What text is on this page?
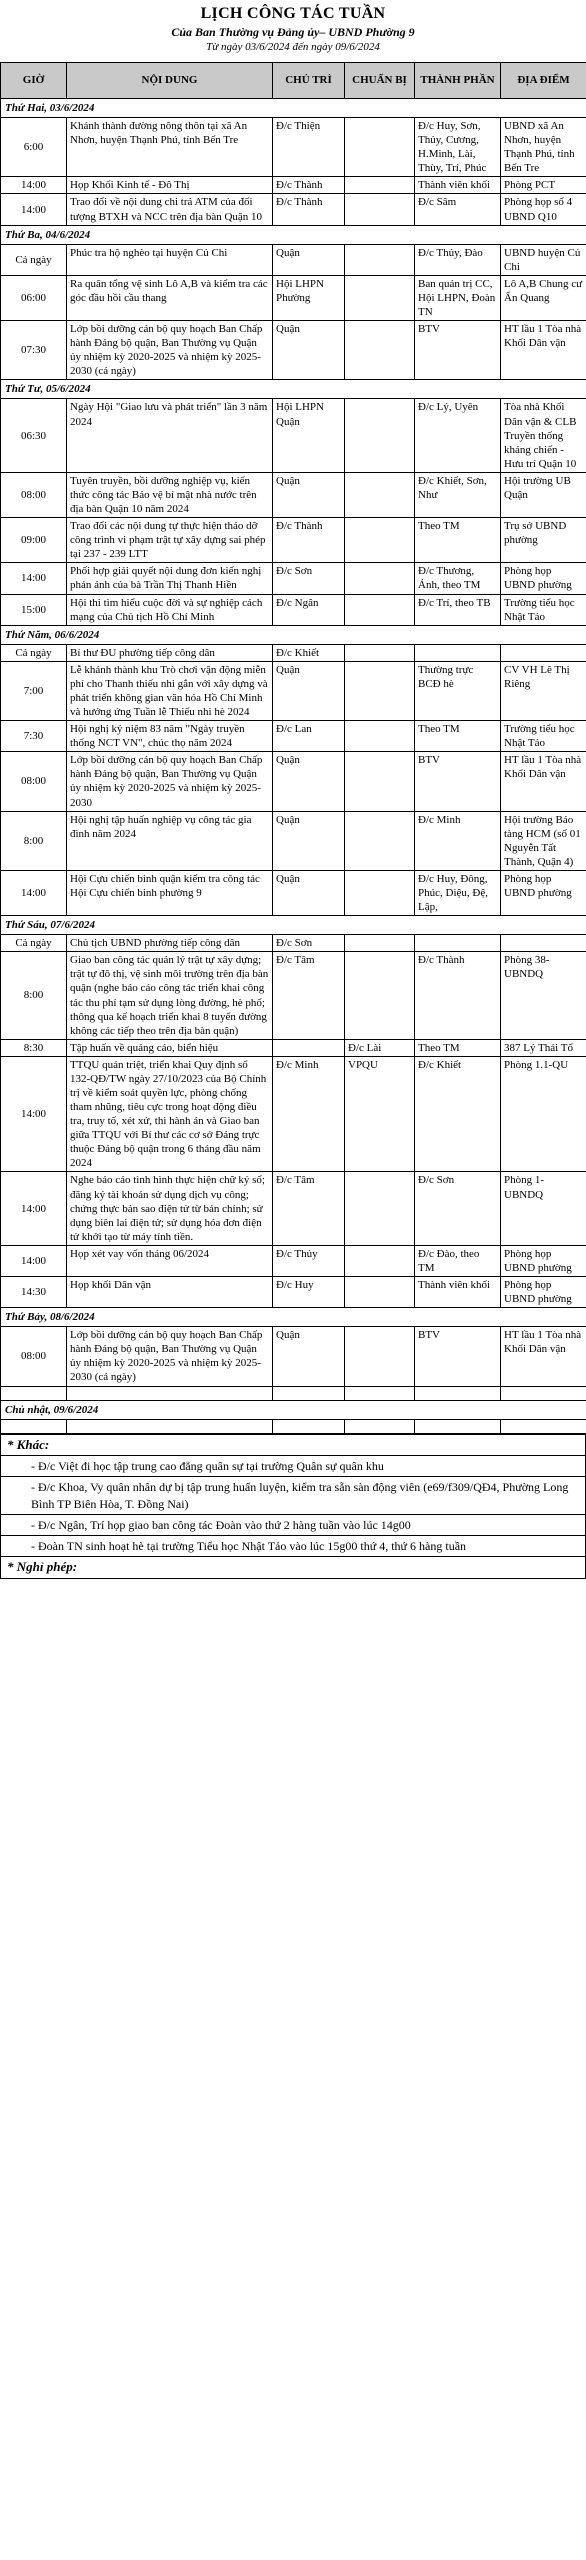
LỊCH CÔNG TÁC TUẦN
Của Ban Thường vụ Đảng ủy– UBND Phường 9
Từ ngày 03/6/2024 đến ngày 09/6/2024
GIỜ	NỘI DUNG	CHỦ TRÌ	CHUẨN BỊ	THÀNH PHẦN	ĐỊA ĐIỂM
Thứ Hai, 03/6/2024					
6:00	Khánh thành đường nông thôn tại xã An Nhơn, huyện Thạnh Phú, tỉnh Bến Tre	Đ/c Thiện		Đ/c Huy, Sơn, Thủy, Cương, H.Minh, Lài, Thùy, Trí, Phúc	UBND xã An Nhơn, huyện Thạnh Phú, tỉnh Bến Tre
14:00	Họp Khối Kinh tế - Đô Thị	Đ/c Thành		Thành viên khối	Phòng PCT
14:00	Trao đổi về nội dung chi trả ATM của đối tượng BTXH và NCC trên địa bàn Quận 10	Đ/c Thành		Đ/c Sâm	Phòng họp số 4 UBND Q10
Thứ Ba, 04/6/2024					
Cả ngày	Phúc tra hộ nghèo tại huyện Củ Chi	Quận		Đ/c Thủy, Đào	UBND huyện Củ Chi
06:00	Ra quân tổng vệ sinh Lô A,B và kiểm tra các góc đầu hồi cầu thang	Hội LHPN Phường		Ban quản trị CC, Hội LHPN, Đoàn TN	Lô A,B Chung cư Ấn Quang
07:30	Lớp bồi dưỡng cán bộ quy hoạch Ban Chấp hành Đảng bộ quận, Ban Thường vụ Quận ủy nhiệm kỳ 2020-2025 và nhiệm kỳ 2025-2030 (cả ngày)	Quận		BTV	HT lầu 1 Tòa nhà Khối Dân vận
Thứ Tư, 05/6/2024					
06:30	Ngày Hội "Giao lưu và phát triển" lần 3 năm 2024	Hội LHPN Quận		Đ/c Lý, Uyên	Tòa nhà Khối Dân vận & CLB Truyền thống kháng chiến - Hưu trí Quận 10
08:00	Tuyên truyền, bồi dưỡng nghiệp vụ, kiến thức công tác Bảo vệ bí mật nhà nước trên địa bàn Quận 10 năm 2024	Quận		Đ/c Khiết, Sơn, Như	Hội trường UB Quận
09:00	Trao đổi các nội dung tự thực hiện tháo dỡ công trình vi phạm trật tự xây dựng sai phép tại 237 - 239 LTT	Đ/c Thành		Theo TM	Trụ sở UBND phường
14:00	Phối hợp giải quyết nội dung đơn kiến nghị phản ánh của bà Trần Thị Thanh Hiền	Đ/c Sơn		Đ/c Thương, Ánh, theo TM	Phòng họp UBND phường
15:00	Hội thi tìm hiểu cuộc đời và sự nghiệp cách mạng của Chủ tịch Hồ Chí Minh	Đ/c Ngân		Đ/c Trí, theo TB	Trường tiểu học Nhật Tảo
Thứ Năm, 06/6/2024					
Cả ngày	Bí thư ĐU phường tiếp công dân	Đ/c Khiết			
7:00	Lễ khánh thành khu Trò chơi vận động miễn phí cho Thanh thiếu nhi gắn với xây dựng và phát triển không gian văn hóa Hồ Chí Minh và hưởng ứng Tuần lễ Thiếu nhi hè 2024	Quận		Thường trực BCĐ hè	CV VH Lê Thị Riêng
7:30	Hội nghị kỷ niệm 83 năm "Ngày truyền thống NCT VN", chúc thọ năm 2024	Đ/c Lan		Theo TM	Trường tiểu học Nhật Tảo
08:00	Lớp bồi dưỡng cán bộ quy hoạch Ban Chấp hành Đảng bộ quận, Ban Thường vụ Quận ủy nhiệm kỳ 2020-2025 và nhiệm kỳ 2025-2030	Quận		BTV	HT lầu 1 Tòa nhà Khối Dân vận
8:00	Hội nghị tập huấn nghiệp vụ công tác gia đình năm 2024	Quận		Đ/c Minh	Hội trường Báo tàng HCM (số 01 Nguyễn Tất Thành, Quận 4)
14:00	Hội Cựu chiến binh quận kiểm tra công tác Hội Cựu chiến binh phường 9	Quận		Đ/c Huy, Đông, Phúc, Diệu, Đệ, Lập,	Phòng họp UBND phường
Thứ Sáu, 07/6/2024					
Cả ngày	Chủ tịch UBND phường tiếp công dân	Đ/c Sơn			
8:00	Giao ban công tác quản lý trật tự xây dựng; trật tự đô thị, vệ sinh môi trường trên địa bàn quận (nghe báo cáo công tác triển khai công tác thu phí tạm sử dụng lòng đường, hè phố; thông qua kế hoạch triển khai 8 tuyến đường không các tiếp theo trên địa bàn quận)	Đ/c Tâm		Đ/c Thành	Phòng 38-UBNDQ
8:30	Tập huấn về quảng cáo, biển hiệu		Đ/c Lài	Theo TM	387 Lý Thái Tổ
14:00	TTQU quán triệt, triển khai Quy định số 132-QĐ/TW ngày 27/10/2023 của Bộ Chính trị về kiểm soát quyền lực, phòng chống tham nhũng, tiêu cực trong hoạt động điều tra, truy tố, xét xử, thi hành án và Giao ban giữa TTQU với Bí thư các cơ sở Đảng trực thuộc Đảng bộ quận trong 6 tháng đầu năm 2024	Đ/c Minh	VPQU	Đ/c Khiết	Phòng 1.1-QU
14:00	Nghe báo cáo tình hình thực hiện chữ ký số; đăng ký tài khoản sử dụng dịch vụ công; chứng thực bản sao điện tử từ bản chính; sử dụng biên lai điện tử; sử dụng hóa đơn điện tử khởi tạo từ máy tính tiền.	Đ/c Tâm		Đ/c Sơn	Phòng 1-UBNDQ
14:00	Họp xét vay vốn tháng 06/2024	Đ/c Thủy		Đ/c Đào, theo TM	Phòng họp UBND phường
14:30	Họp khối Dân vận	Đ/c Huy		Thành viên khối	Phòng họp UBND phường
Thứ Bảy, 08/6/2024					
08:00	Lớp bồi dưỡng cán bộ quy hoạch Ban Chấp hành Đảng bộ quận, Ban Thường vụ Quận ủy nhiệm kỳ 2020-2025 và nhiệm kỳ 2025-2030 (cả ngày)	Quận		BTV	HT lầu 1 Tòa nhà Khối Dân vận

Chủ nhật, 09/6/2024					

* Khác:
- Đ/c Việt đi học tập trung cao đẳng quân sự tại trường Quân sự quân khu
- Đ/c Khoa, Vy quân nhân dự bị tập trung huấn luyện, kiểm tra sẵn sàn động viên (e69/f309/QĐ4, Phường Long Bình TP Biên Hòa, T. Đồng Nai)
- Đ/c Ngân, Trí họp giao ban công tác Đoàn vào thứ 2 hàng tuần vào lúc 14g00
- Đoàn TN sinh hoạt hè tại trường Tiểu học Nhật Tảo vào lúc 15g00 thứ 4, thứ 6 hàng tuần
* Nghỉ phép:
